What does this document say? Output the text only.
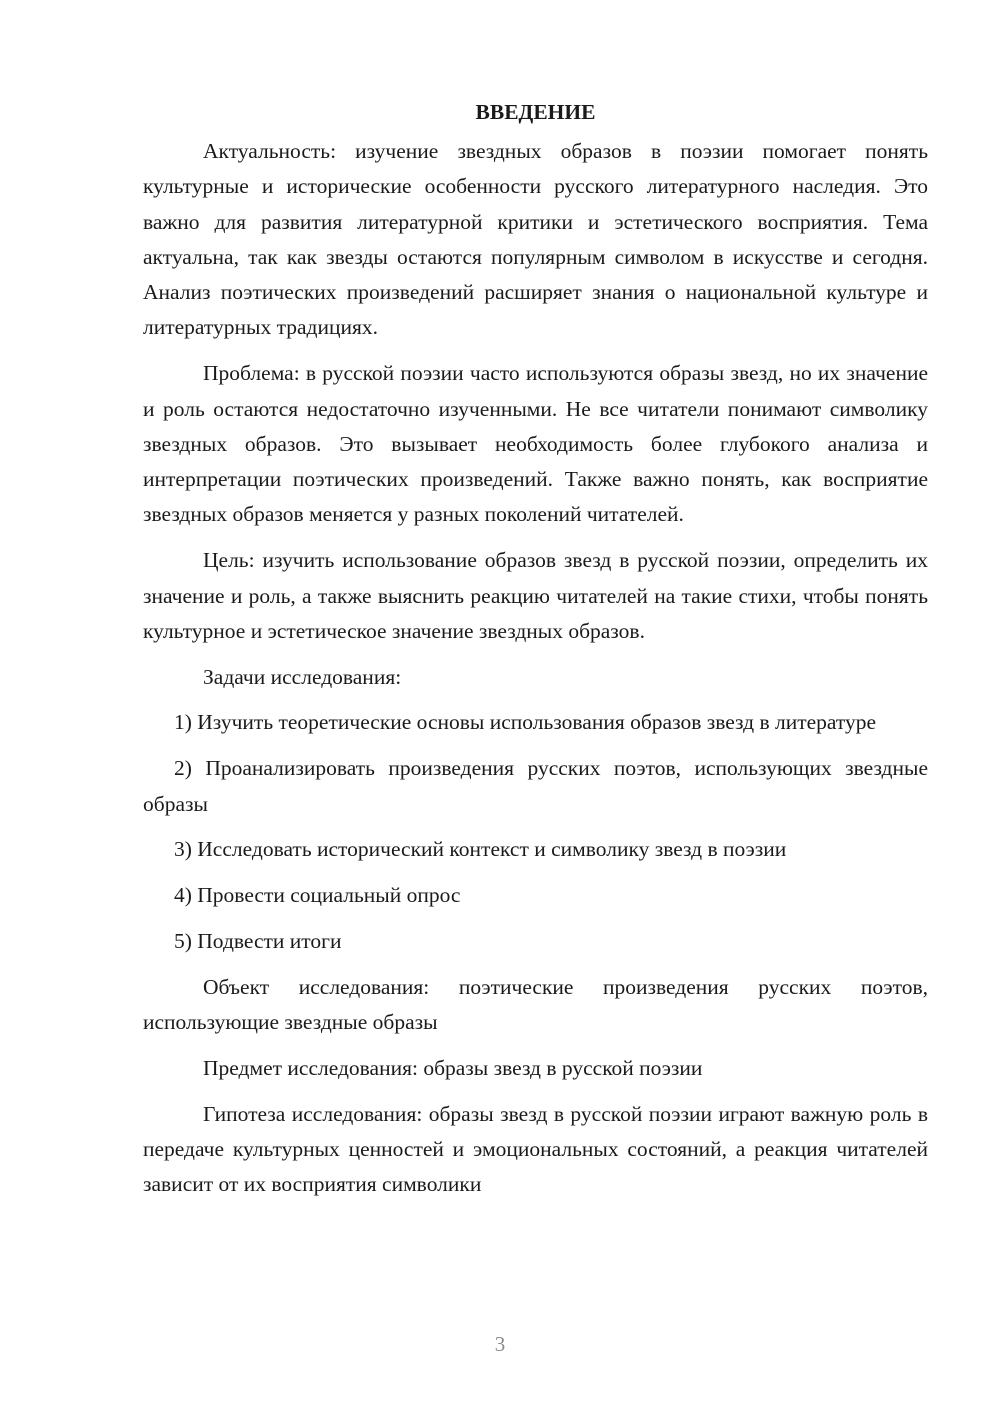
ВВЕДЕНИЕ

Актуальность: изучение звездных образов в поэзии помогает понять культурные и исторические особенности русского литературного наследия. Это важно для развития литературной критики и эстетического восприятия. Тема актуальна, так как звезды остаются популярным символом в искусстве и сегодня. Анализ поэтических произведений расширяет знания о национальной культуре и литературных традициях.

Проблема: в русской поэзии часто используются образы звезд, но их значение и роль остаются недостаточно изученными. Не все читатели понимают символику звездных образов. Это вызывает необходимость более глубокого анализа и интерпретации поэтических произведений. Также важно понять, как восприятие звездных образов меняется у разных поколений читателей.

Цель: изучить использование образов звезд в русской поэзии, определить их значение и роль, а также выяснить реакцию читателей на такие стихи, чтобы понять культурное и эстетическое значение звездных образов.

Задачи исследования:

1) Изучить теоретические основы использования образов звезд в литературе

2) Проанализировать произведения русских поэтов, использующих звездные образы

3) Исследовать исторический контекст и символику звезд в поэзии

4) Провести социальный опрос

5) Подвести итоги

Объект исследования: поэтические произведения русских поэтов, использующие звездные образы

Предмет исследования: образы звезд в русской поэзии

Гипотеза исследования: образы звезд в русской поэзии играют важную роль в передаче культурных ценностей и эмоциональных состояний, а реакция читателей зависит от их восприятия символики

3
